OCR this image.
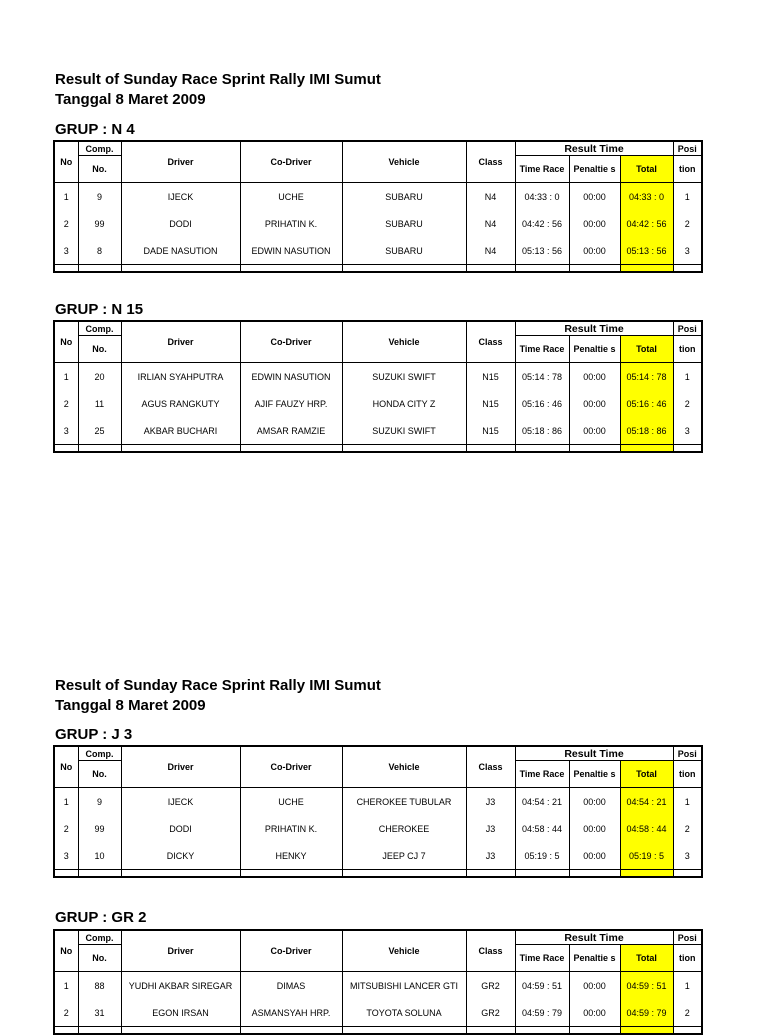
Result of Sunday Race Sprint Rally IMI Sumut
Tanggal 8 Maret 2009
GRUP : N 4
No	Comp.	Driver	Co-Driver	Vehicle	Class	Result Time			Posi
	No.					Time Race	Penaltie s	Total	tion
1	9	IJECK	UCHE	SUBARU	N4	04:33 : 0	00:00	04:33 : 0	1
2	99	DODI	PRIHATIN K.	SUBARU	N4	04:42 : 56	00:00	04:42 : 56	2
3	8	DADE NASUTION	EDWIN NASUTION	SUBARU	N4	05:13 : 56	00:00	05:13 : 56	3

GRUP : N 15
No	Comp.	Driver	Co-Driver	Vehicle	Class	Result Time			Posi
	No.					Time Race	Penaltie s	Total	tion
1	20	IRLIAN SYAHPUTRA	EDWIN NASUTION	SUZUKI SWIFT	N15	05:14 : 78	00:00	05:14 : 78	1
2	11	AGUS RANGKUTY	AJIF FAUZY HRP.	HONDA CITY Z	N15	05:16 : 46	00:00	05:16 : 46	2
3	25	AKBAR BUCHARI	AMSAR RAMZIE	SUZUKI SWIFT	N15	05:18 : 86	00:00	05:18 : 86	3

Result of Sunday Race Sprint Rally IMI Sumut
Tanggal 8 Maret 2009
GRUP : J 3
No	Comp.	Driver	Co-Driver	Vehicle	Class	Result Time			Posi
	No.					Time Race	Penaltie s	Total	tion
1	9	IJECK	UCHE	CHEROKEE TUBULAR	J3	04:54 : 21	00:00	04:54 : 21	1
2	99	DODI	PRIHATIN K.	CHEROKEE	J3	04:58 : 44	00:00	04:58 : 44	2
3	10	DICKY	HENKY	JEEP CJ 7	J3	05:19 : 5	00:00	05:19 : 5	3

GRUP : GR 2
No	Comp.	Driver	Co-Driver	Vehicle	Class	Result Time			Posi
	No.					Time Race	Penaltie s	Total	tion
1	88	YUDHI AKBAR SIREGAR	DIMAS	MITSUBISHI LANCER GTI	GR2	04:59 : 51	00:00	04:59 : 51	1
2	31	EGON IRSAN	ASMANSYAH HRP.	TOYOTA SOLUNA	GR2	04:59 : 79	00:00	04:59 : 79	2
